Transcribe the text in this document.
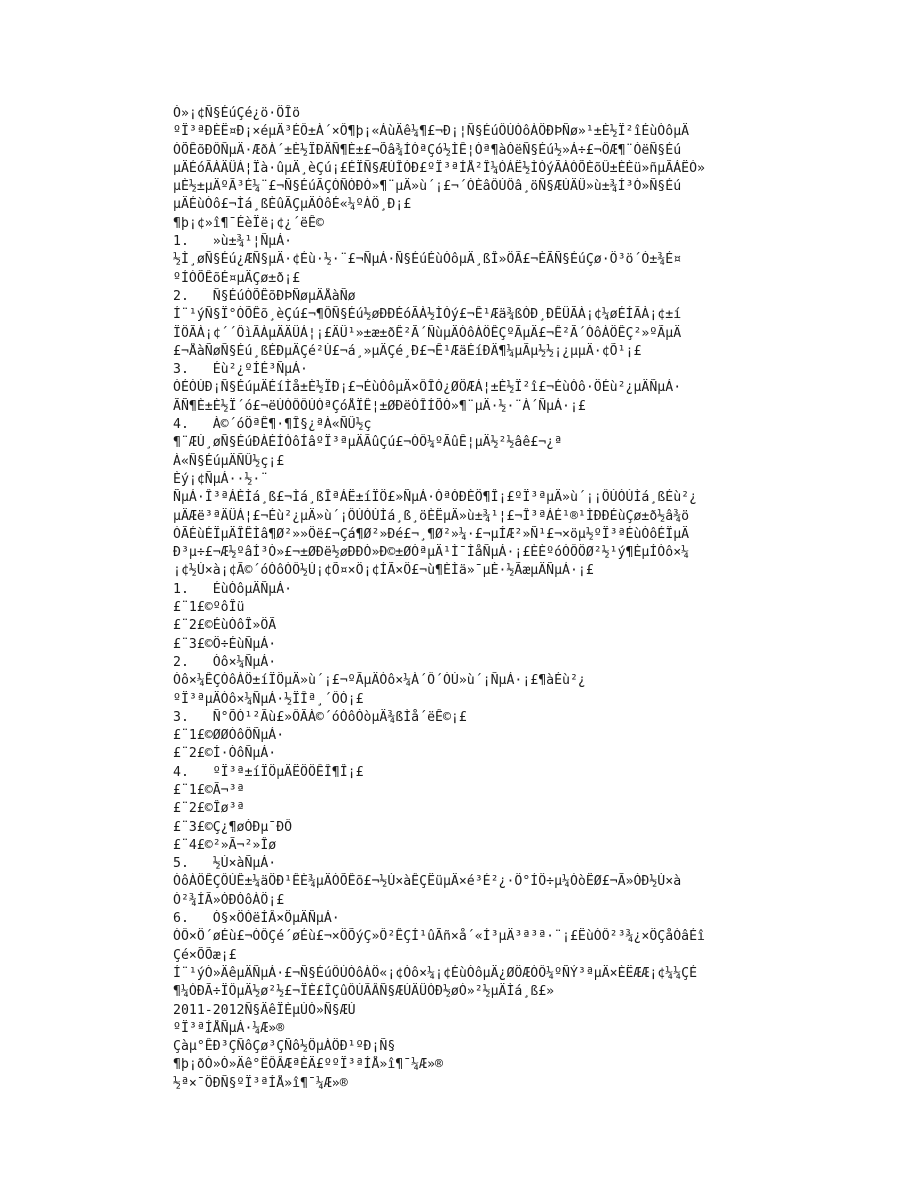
Ò»¡¢Ñ§ÉúÇé¿ö·ÖÎö
ºÏ³ªÐÈË¤Ð¡×éµÄ³ÉÔ±À´×Ô¶þ¡«ÁùÄê¼¶£¬Ð¡¦Ñ§ÉúÔÚÒôÀÖÐÞÑø»¹±È½Ï²îÉùÒôµÄ
ÒÕÊõÐÔÑµÄ·ÆðÀ´±È½ÏÐÄÑ¶È±£¬Õâ¾ÍÒªÇó½ÌÊ¦Òª¶àÓëÑ§Éú½»Á÷£¬ÖÆ¶¨ÓëÑ§Éú
µÄÉóÃÀÄÜÁ¦Ïà·ûµÄ¸èÇú¡£ÉÏÑ§ÆÚÎÒÐ£ºÏ³ªÍÅ²Î¼ÓÁË½ÌÓýÃÀÒÕÈõÛ±ÈÈü»ñµÃÁËÒ»
µÈ½±µÄºÃ³É¼¨£¬Ñ§ÉúÃÇÒÑÓÐÒ»¶¨µÄ»ù´¡£¬´ÓÈâÔÚÔâ¸öÑ§ÆÚÄÜ»ù±¾Í³Ò»Ñ§Éú
µÄÉùÒô£¬Ìá¸ßÈûÃÇµÄÒôÉ«¼ºÀÖ¸Ð¡£
¶þ¡¢»î¶¯ÉèÏë¡¢¿´ëÊ©
1.   »ù±¾¹¦ÑµÁ·
½Ì¸øÑ§Éú¿ÆÑ§µÄ·¢Éù·½·¨£¬ÑµÁ·Ñ§ÉúÉùÒôµÄ¸ßÎ»ÖÃ£¬ÈÃÑ§ÉúÇø·Ö³ö´Ó±¾É¤
ºÍÒÕÊõÉ¤µÄÇø±ð¡£
2.   Ñ§ÉúÒÕÊõÐÞÑøµÄÅàÑø
Í¨¹ýÑ§Ï°ÒÕÊõ¸èÇú£¬¶ÔÑ§Éú½øÐÐÉóÃÀ½ÌÓý£¬Ê¹Æä¾ßÓÐ¸ÐÊÜÃÀ¡¢¼øÉÍÃÀ¡¢±í
ÏÖÃÀ¡¢´´ÔìÃÀµÄÄÜÁ¦¡£ÄÜ¹»±æ±ðÊ²Ã´ÑùµÄÒôÀÖÊÇºÃµÄ£¬Ê²Ã´ÒôÀÖÊÇ²»ºÃµÄ
£¬ÅàÑøÑ§Éú¸ßÉÐµÄÇé²Ù£¬á¸»µÄÇé¸Ð£¬Ê¹ÆäÉíÐÄ¶¼µÃµ½½¡¿µµÄ·¢Õ¹¡£
3.   Éù²¿ºÍÉ³ÑµÁ·
ÓÉÓÚÐ¡Ñ§ÉúµÄÉíÌå±È½ÏÐ¡£¬ÉùÒôµÄ×ÔÎÒ¿ØÖÆÁ¦±È½Ï²î£¬ÉùÒô·ÖÉù²¿µÄÑµÁ·
ÃÑ¶È±È½Ï´ó£¬ëÙÒÔÔÚÒªÇóÅÏÊ¦±ØÐëÓÎÍÕÒ»¶¨µÄ·½·¨À´ÑµÁ·¡£
4.   À©´óÖªÊ¶·¶Î§¿ªÀ«ÑÛ½ç
¶¨ÆÚ¸øÑ§ÉúÐÀÉÍÒôÍâºÏ³ªµÄÃûÇú£¬ÒÔ¼ºÃûÊ¦µÄ½²½âê£¬¿ª
À«Ñ§ÉúµÄÑÛ½ç¡£
Èý¡¢ÑµÁ··½·¨
ÑµÁ·Î³ªÁÈÌá¸ß£¬Ìá¸ßÎªÁË±íÏÖ£»ÑµÁ·ÒªÓÐÈÖ¶Î¡£ºÏ³ªµÄ»ù´¡¡ÔÚÓÚÌá¸ßÉù²¿
µÄÆë³ªÄÜÁ¦£¬Éù²¿µÄ»ù´¡ÔÚÓÚÌá¸ß¸öÈËµÄ»ù±¾¹¦£¬Î³ªÁÉ¹®¹ÌÐÐÉùÇø±ð½â¾ö
ÓÃÉùÉÏµÄÎÊÌâ¶Ø²»»Öë£¬Çá¶Ø²»Ðé£¬¸¶Ø²»¼·£¬µÍÆ²»Ñ¹£¬×öµ½ºÏ³ªÉùÒôÉÏµÄ
Ð³µ÷£¬Æ½ºâÍ³Ò»£¬±ØÐë½øÐÐÒ»Ð©±ØÒªµÄ¹Ì¯ÌåÑµÁ·¡£ÈÈºóÓÔÖØ²½¹ý¶ÈµÍÒô×¼
¡¢½Ú×à¡¢Ã©´óÒôÓÔ½Ú¡¢Õ¤×Ö¡¢ÍÃ×Ö£¬ù¶ÈÌä»¯µÈ·½ÃæµÄÑµÁ·¡£
1.   ÉùÒôµÄÑµÁ·
£¨1£©ºôÎü
£¨2£©ÉùÒôÎ»ÖÃ
£¨3£©Ö÷ÉùÑµÁ·
2.   Òô×¼ÑµÁ·
Òô×¼ÊÇÒôÀÖ±íÏÖµÄ»ù´¡£¬ºÃµÄÒô×¼À´Ô´ÓÚ»ù´¡ÑµÁ·¡£¶àÉù²¿
ºÏ³ªµÄÒô×¼ÑµÁ·½ÏÎª¸´ÔÓ¡£
3.   Ñ°ÕÒ¹²Ãù£»ÔÃÀ©´óÒôÓòµÄ¾ßÌå´ëÊ©¡£
£¨1£©ØØÒôÔÑµÁ·
£¨2£©Í·ÒôÑµÁ·
4.   ºÏ³ª±íÏÖµÄËÖÖÊÎ¶Î¡£
£¨1£©Ã¬³ª
£¨2£©Îø³ª
£¨3£©Ç¿¶øÓÐµ¯ÐÔ
£¨4£©²»Ã¬²»Îø
5.   ½Ú×àÑµÁ·
ÒôÀÖÊÇÔÚÊ±¼äÖÐ¹ÊÈ¾µÄÒÕÊõ£¬½Ú×àÊÇËüµÄ×é³É²¿·Ö°ÍÖ÷µ¼ÒòËØ£¬Ã»ÓÐ½Ú×à
Ò²¾ÍÃ»ÓÐÒôÀÖ¡£
6.   Ò§×ÖÓëÍÂ×ÖµÄÑµÁ·
ÒÔ×Ö´øÉù£¬ÒÔÇé´øÉù£¬×ÖÕýÇ»Ô²ÊÇÍ¹ûÃñ×å´«Í³µÄ³ª³ª·¨¡£ËùÒÔ²³¾¿×ÖÇåÒâÉî
Çé×ÕÕæ¡£
Í¨¹ýÒ»ÄêµÄÑµÁ·£¬Ñ§ÉúÔÚÒôÀÖ«¡¢Òô×¼¡¢ÉùÒôµÄ¿ØÖÆÒÔ¼ºÑÝ³ªµÄ×ÈËÆÆ¡¢¼¼ÇÉ
¶¼ÓÐÃ÷ÏÔµÄ½ø²½£¬ÏÈ£ÎÇûÔÚÃÂÑ§ÆÚÄÜÓÐ½øÒ»²½µÄÌá¸ß£»
2011-2012Ñ§ÄêÏÈµÚÒ»Ñ§ÆÚ
ºÏ³ªÍÅÑµÁ·¼Æ»®
Çàµ°ÊÐ³ÇÑôÇø³ÇÑô½ÖµÀÖÐ¹ºÐ¡Ñ§
¶þ¡ðÒ»Ò»Äê°ËÔÂÆªÈÄ£ººÏ³ªÍÅ»î¶¯¼Æ»®
½ª×¯ÖÐÑ§ºÏ³ªÍÅ»î¶¯¼Æ»®
